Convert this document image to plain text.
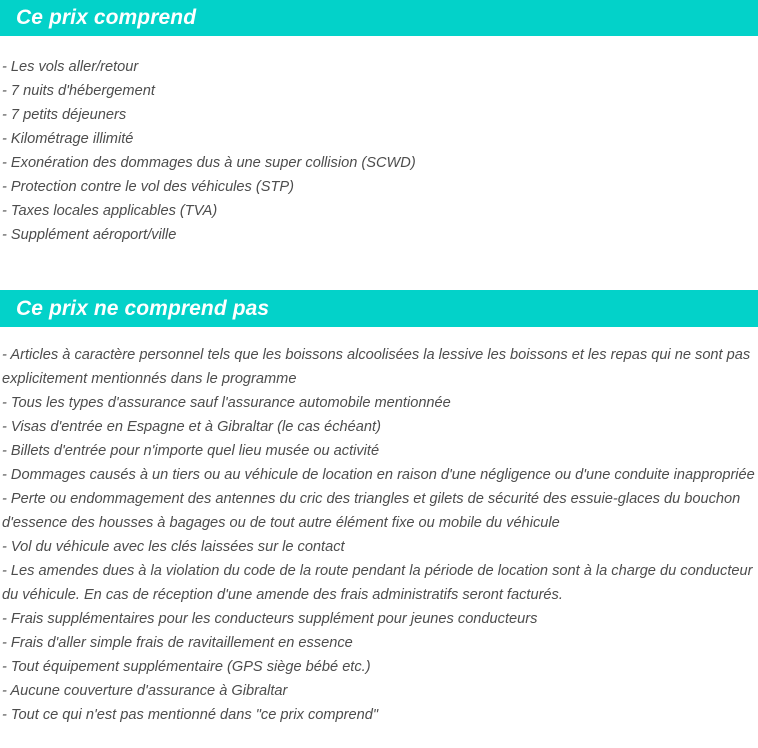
Ce prix comprend

- Les vols aller/retour

- 7 nuits d'hébergement

- 7 petits déjeuners

- Kilométrage illimité

- Exonération des dommages dus à une super collision (SCWD)

- Protection contre le vol des véhicules (STP)

- Taxes locales applicables (TVA)

- Supplément aéroport/ville

Ce prix ne comprend pas

- Articles à caractère personnel tels que les boissons alcoolisées la lessive les boissons et les repas qui ne sont pas explicitement mentionnés dans le programme

- Tous les types d'assurance sauf l'assurance automobile mentionnée

- Visas d'entrée en Espagne et à Gibraltar (le cas échéant)

- Billets d'entrée pour n'importe quel lieu musée ou activité

- Dommages causés à un tiers ou au véhicule de location en raison d'une négligence ou d'une conduite inappropriée

- Perte ou endommagement des antennes du cric des triangles et gilets de sécurité des essuie-glaces du bouchon d'essence des housses à bagages ou de tout autre élément fixe ou mobile du véhicule

- Vol du véhicule avec les clés laissées sur le contact

- Les amendes dues à la violation du code de la route pendant la période de location sont à la charge du conducteur du véhicule. En cas de réception d'une amende des frais administratifs seront facturés.

- Frais supplémentaires pour les conducteurs supplément pour jeunes conducteurs

- Frais d'aller simple frais de ravitaillement en essence

- Tout équipement supplémentaire (GPS siège bébé etc.)

- Aucune couverture d'assurance à Gibraltar

- Tout ce qui n'est pas mentionné dans "ce prix comprend"
